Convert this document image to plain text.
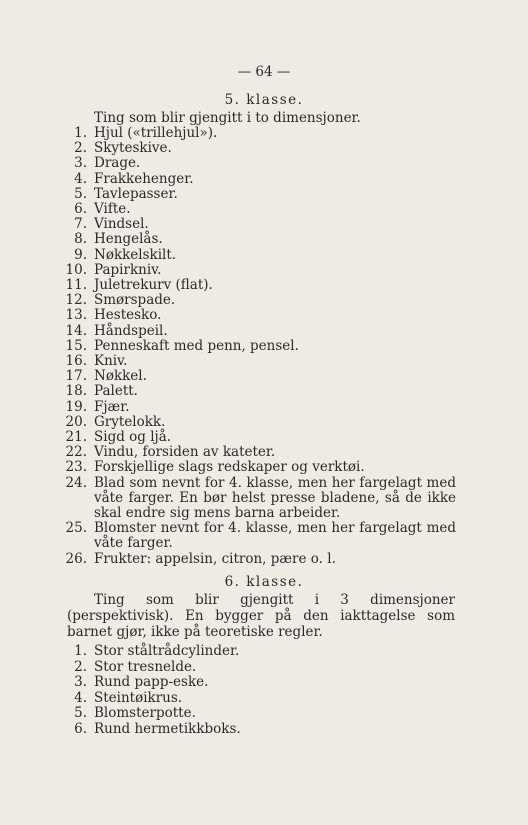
— 64 —
5. klasse.
Ting som blir gjengitt i to dimensjoner.
1. Hjul («trillehjul»).
2. Skyteskive.
3. Drage.
4. Frakkehenger.
5. Tavlepasser.
6. Vifte.
7. Vindsel.
8. Hengelås.
9. Nøkkelskilt.
10. Papirkniv.
11. Juletrekurv (flat).
12. Smørspade.
13. Hestesko.
14. Håndspeil.
15. Penneskaft med penn, pensel.
16. Kniv.
17. Nøkkel.
18. Palett.
19. Fjær.
20. Grytelokk.
21. Sigd og ljå.
22. Vindu, forsiden av kateter.
23. Forskjellige slags redskaper og verktøi.
24. Blad som nevnt for 4. klasse, men her fargelagt med våte farger. En bør helst presse bladene, så de ikke skal endre sig mens barna arbeider.
25. Blomster nevnt for 4. klasse, men her fargelagt med våte farger.
26. Frukter: appelsin, citron, pære o. l.
6. klasse.
Ting som blir gjengitt i 3 dimensjoner (perspektivisk). En bygger på den iakttagelse som barnet gjør, ikke på teoretiske regler.
1. Stor ståltrådcylinder.
2. Stor tresnelde.
3. Rund papp-eske.
4. Steintøikrus.
5. Blomsterpotte.
6. Rund hermetikkboks.
